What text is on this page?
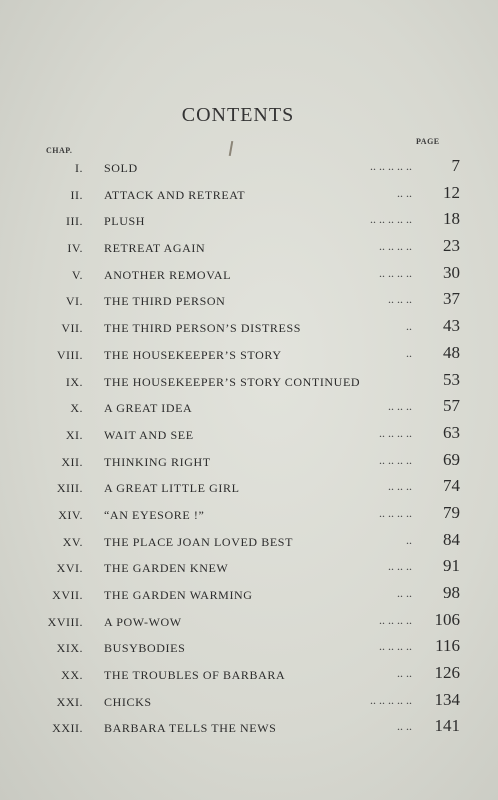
CONTENTS
CHAP.
PAGE
I. SOLD	7
.. .. .. .. ..
II. ATTACK AND RETREAT	12
.. ..
III. PLUSH	18
.. .. .. .. ..
IV. RETREAT AGAIN	23
.. .. .. ..
V. ANOTHER REMOVAL	30
.. .. .. ..
VI. THE THIRD PERSON	37
.. .. ..
VII. THE THIRD PERSON’S DISTRESS	43
..
VIII. THE HOUSEKEEPER’S STORY	48
..
IX. THE HOUSEKEEPER’S STORY CONTINUED	53
X. A GREAT IDEA	57
.. .. ..
XI. WAIT AND SEE	63
.. .. .. ..
XII. THINKING RIGHT	69
.. .. .. ..
XIII. A GREAT LITTLE GIRL	74
.. .. ..
XIV. “AN EYESORE !”	79
.. .. .. ..
XV. THE PLACE JOAN LOVED BEST	84
..
XVI. THE GARDEN KNEW	91
.. .. ..
XVII. THE GARDEN WARMING	98
.. ..
XVIII. A POW-WOW	106
.. .. .. ..
XIX. BUSYBODIES	116
.. .. .. ..
XX. THE TROUBLES OF BARBARA	126
.. ..
XXI. CHICKS	134
.. .. .. .. ..
XXII. BARBARA TELLS THE NEWS	141
.. ..
